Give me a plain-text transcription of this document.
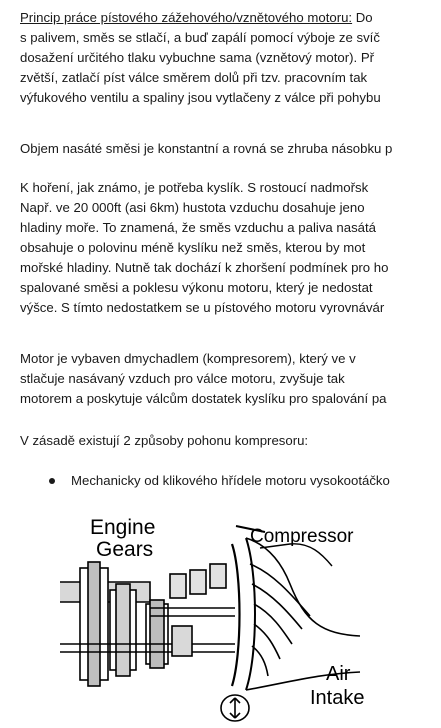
Princip práce pístového zážehového/vznětového motoru: Do
s palivem, směs se stlačí, a buď zapálí pomocí výboje ze svíč
dosažení určitého tlaku vybuchne sama (vznětový motor). Př
zvětší, zatlačí píst válce směrem dolů při tzv. pracovním tak
výfukového ventilu a spaliny jsou vytlačeny z válce při pohybu
Objem nasáté směsi je konstantní a rovná se zhruba násobku p
K hoření, jak známo, je potřeba kyslík. S rostoucí nadmořsk
Např. ve 20 000ft (asi 6km) hustota vzduchu dosahuje jeno
hladiny moře. To znamená, že směs vzduchu a paliva nasátá
obsahuje o polovinu méně kyslíku než směs, kterou by mot
mořské hladiny. Nutně tak dochází k zhoršení podmínek pro ho
spalované směsi a poklesu výkonu motoru, který je nedostat
výšce. S tímto nedostatkem se u pístového motoru vyrovnávár
Motor je vybaven dmychadlem (kompresorem), který ve v
stlačuje nasávaný vzduch pro válce motoru, zvyšuje tak
motorem a poskytuje válcům dostatek kyslíku pro spalování pa
V zásadě existují 2 způsoby pohonu kompresoru:
Mechanicky od klikového hřídele motoru vysokootáčko
Engine
Gears
Compressor
Air
Intake
